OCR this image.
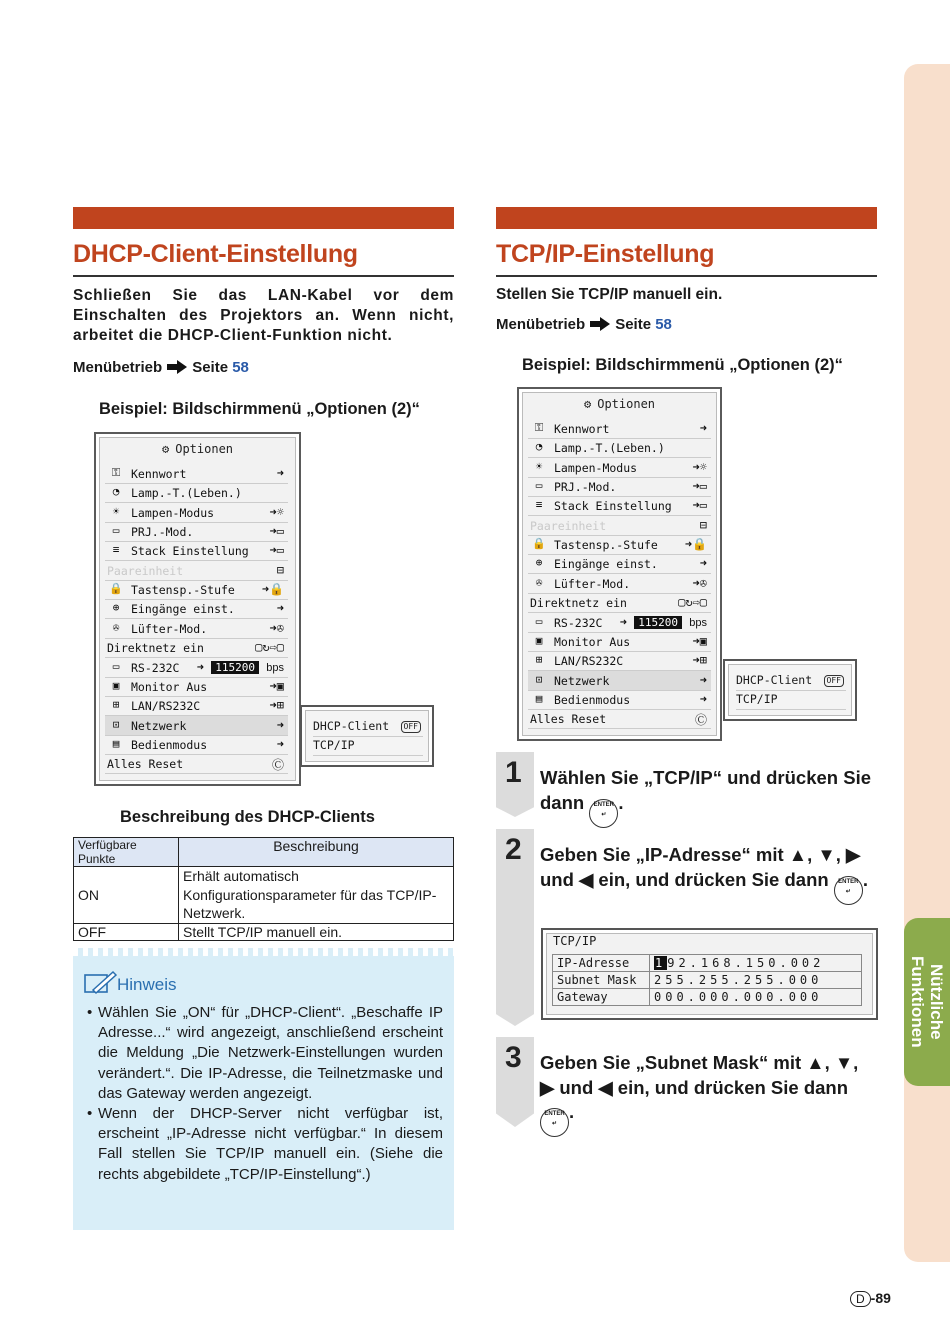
Nützliche Funktionen
DHCP-Client-Einstellung
Schließen Sie das LAN-Kabel vor dem Einschalten des Projektors an. Wenn nicht, arbeitet die DHCP-Client-Funktion nicht.
Menübetrieb Seite 58
Beispiel: Bildschirmmenü „Optionen (2)“
⚙ Optionen
⚿ Kennwort	➜
◔	Lamp.-T.(Leben.)
☀	Lampen-Modus	➜☼
▭	PRJ.-Mod.	➜▭
≡	Stack Einstellung ➜▭
Paareinheit	⊟
🔒 Tastensp.-Stufe ➜🔒
⊕	Eingänge einst.	➜
✇	Lüfter-Mod.	➜✇
Direktnetz ein	▢↻⇨▢
▭	RS-232C ➜ 115200 bps
▣	Monitor Aus	➜▣
⊞	LAN/RS232C	➜⊞
⊡	Netzwerk	➜
▤	Bedienmodus	➜
Alles Reset	Ⓒ
DHCP-Client	OFF
TCP/IP
Beschreibung des DHCP-Clients
Verfügbare Punkte	Beschreibung
ON	Erhält automatisch Konfigurationsparameter für das TCP/IP-Netzwerk.
OFF	Stellt TCP/IP manuell ein.
Hinweis
• Wählen Sie „ON“ für „DHCP-Client“. „Beschaffe IP Adresse...“ wird angezeigt, anschließend erscheint die Meldung „Die Netzwerk-Einstellungen wurden verändert.“. Die IP-Adresse, die Teilnetzmaske und das Gateway werden angezeigt.
• Wenn der DHCP-Server nicht verfügbar ist, erscheint „IP-Adresse nicht verfügbar.“ In diesem Fall stellen Sie TCP/IP manuell ein. (Siehe die rechts abgebildete „TCP/IP-Einstellung“.)
TCP/IP-Einstellung
Stellen Sie TCP/IP manuell ein.
Menübetrieb Seite 58
Beispiel: Bildschirmmenü „Optionen (2)“
⚙ Optionen
⚿ Kennwort	➜
◔	Lamp.-T.(Leben.)
☀	Lampen-Modus	➜☼
▭	PRJ.-Mod.	➜▭
≡	Stack Einstellung ➜▭
Paareinheit	⊟
🔒 Tastensp.-Stufe ➜🔒
⊕	Eingänge einst.	➜
✇	Lüfter-Mod.	➜✇
Direktnetz ein	▢↻⇨▢
▭	RS-232C ➜ 115200 bps
▣	Monitor Aus	➜▣
⊞	LAN/RS232C	➜⊞
⊡	Netzwerk	➜
▤	Bedienmodus	➜
Alles Reset	Ⓒ
DHCP-Client	OFF
TCP/IP
1 Wählen Sie „TCP/IP“ und drücken Sie dann ENTER
↵.
2 Geben Sie „IP-Adresse“ mit ▲, ▼, ▶ und ◀ ein, und drücken Sie dann ENTER
↵.
TCP/IP
IP-Adresse	192.168.150.002
Subnet Mask	255.255.255.000
Gateway	000.000.000.000
3 Geben Sie „Subnet Mask“ mit ▲, ▼, ▶ und ◀ ein, und drücken Sie dann ENTER
↵.
D -89
